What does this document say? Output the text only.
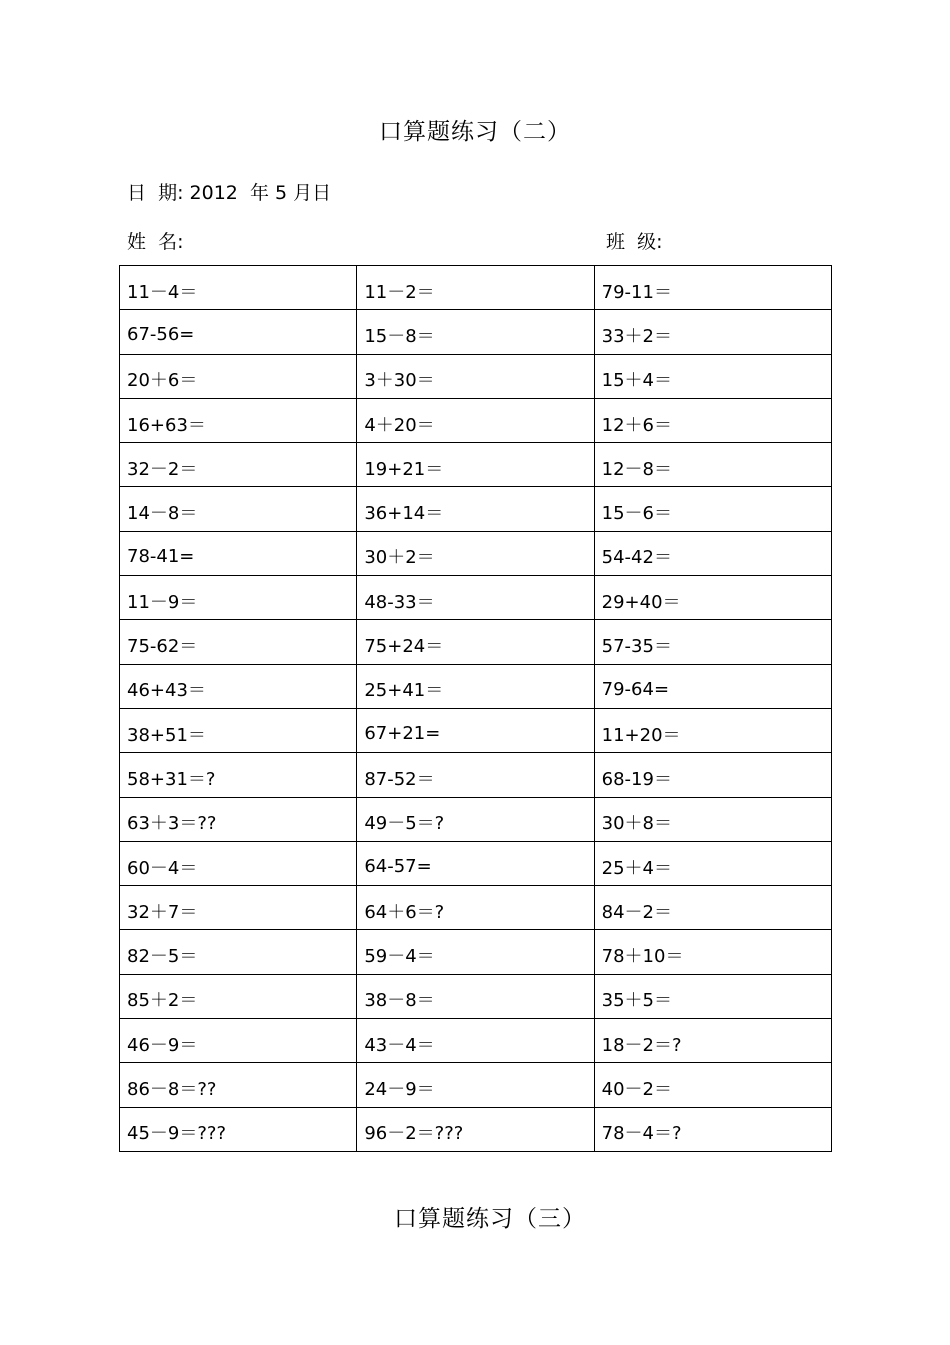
口算题练习（二）
日  期: 2012  年 5 月日
姓  名:	班  级:
11－4＝	11－2＝	79-11＝
67-56=	15－8＝	33＋2＝
20＋6＝	3＋30＝	15＋4＝
16+63＝	4＋20＝	12＋6＝
32－2＝	19+21＝	12－8＝
14－8＝	36+14＝	15－6＝
78-41=	30＋2＝	54-42＝
11－9＝	48-33＝	29+40＝
75-62＝	75+24＝	57-35＝
46+43＝	25+41＝	79-64=
38+51＝	67+21=	11+20＝
58+31＝?	87-52＝	68-19＝
63＋3＝??	49－5＝?	30＋8＝
60－4＝	64-57=	25＋4＝
32＋7＝	64＋6＝?	84－2＝
82－5＝	59－4＝	78＋10＝
85＋2＝	38－8＝	35＋5＝
46－9＝	43－4＝	18－2＝?
86－8＝??	24－9＝	40－2＝
45－9＝???	96－2＝???	78－4＝?
口算题练习（三）
